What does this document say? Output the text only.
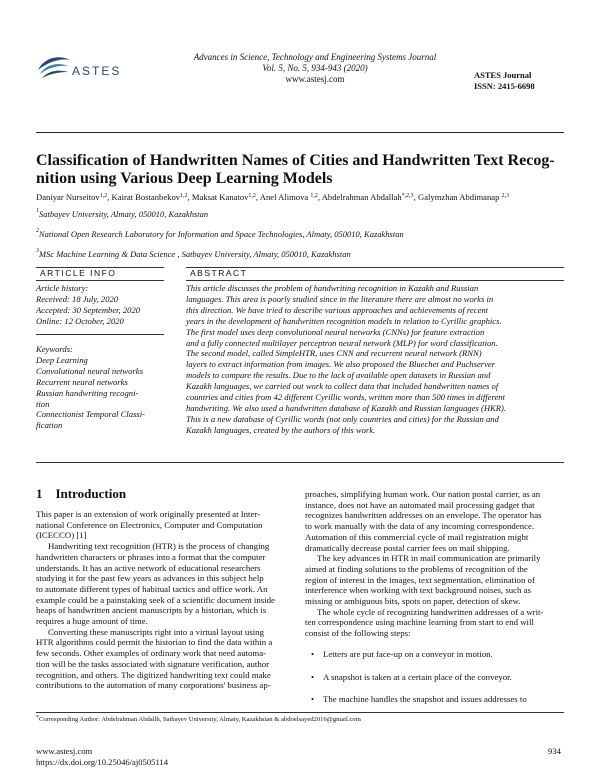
ASTES
Advances in Science, Technology and Engineering Systems Journal
Vol. 5, No. 5, 934-943 (2020)
www.astesj.com	ASTES Journal
ISSN: 2415-6698
Classification of Handwritten Names of Cities and Handwritten Text Recog-
nition using Various Deep Learning Models
Daniyar Nurseitov$^{1,2}$, Kairat Bostanbekov$^{1,2}$, Maksat Kanatov$^{1,2}$, Anel Alimova $^{1,2}$, Abdelrahman Abdallah$^{*,2,3}$, Galymzhan Abdimanap $^{2,3}$
$^1$Satbayev University, Almaty, 050010, Kazakhstan
$^2$National Open Research Laboratory for Information and Space Technologies, Almaty, 050010, Kazakhstan
$^3$MSc Machine Learning & Data Science , Satbayev University, Almaty, 050010, Kazakhstan
ARTICLE INFO	ABSTRACT
Article history:
Received: 18 July, 2020
Accepted: 30 September, 2020
Online: 12 October, 2020
Keywords:
Deep Learning
Convolutional neural networks
Recurrent neural networks
Russian handwriting recogni-
tion
Connectionist Temporal Classi-
fication
This article discusses the problem of handwriting recognition in Kazakh and Russian
languages. This area is poorly studied since in the literature there are almost no works in
this direction. We have tried to describe various approaches and achievements of recent
years in the development of handwritten recognition models in relation to Cyrillic graphics.
The first model uses deep convolutional neural networks (CNNs) for feature extraction
and a fully connected multilayer perceptron neural network (MLP) for word classification.
The second model, called SimpleHTR, uses CNN and recurrent neural network (RNN)
layers to extract information from images. We also proposed the Bluechet and Puchserver
models to compare the results. Due to the lack of available open datasets in Russian and
Kazakh languages, we carried out work to collect data that included handwritten names of
countries and cities from 42 different Cyrillic words, written more than 500 times in different
handwriting. We also used a handwritten database of Kazakh and Russian languages (HKR).
This is a new database of Cyrillic words (not only countries and cities) for the Russian and
Kazakh languages, created by the authors of this work.
1 Introduction
This paper is an extension of work originally presented at Inter-
national Conference on Electronics, Computer and Computation
(ICECCO) [1]
Handwriting text recognition (HTR) is the process of changing
handwritten characters or phrases into a format that the computer
understands. It has an active network of educational researchers
studying it for the past few years as advances in this subject help
to automate different types of habitual tactics and office work. An
example could be a painstaking seek of a scientific document inside
heaps of handwritten ancient manuscripts by a historian, which is
requires a huge amount of time.
Converting these manuscripts right into a virtual layout using
HTR algorithms could permit the historian to find the data within a
few seconds. Other examples of ordinary work that need automa-
tion will be the tasks associated with signature verification, author
recognition, and others. The digitized handwriting text could make
contributions to the automation of many corporations' business ap-
proaches, simplifying human work. Our nation postal carrier, as an
instance, does not have an automated mail processing gadget that
recognizes handwritten addresses on an envelope. The operator has
to work manually with the data of any incoming correspondence.
Automation of this commercial cycle of mail registration might
dramatically decrease postal carrier fees on mail shipping.
The key advances in HTR in mail communication are primarily
aimed at finding solutions to the problems of recognition of the
region of interest in the images, text segmentation, elimination of
interference when working with text background noises, such as
missing or ambiguous bits, spots on paper, detection of skew.
The whole cycle of recognizing handwritten addresses of a writ-
ten correspondence using machine learning from start to end will
consist of the following steps:
• Letters are put face-up on a conveyor in motion.
• A snapshot is taken at a certain place of the conveyor.
• The machine handles the snapshot and issues addresses to
*Corresponding Author: Abdelrahman Abdallh, Satbayev University, Almaty, Kazakhstan & abdoelsayed2016@gmail.com
www.astesj.com
https://dx.doi.org/10.25046/aj0505114
934
